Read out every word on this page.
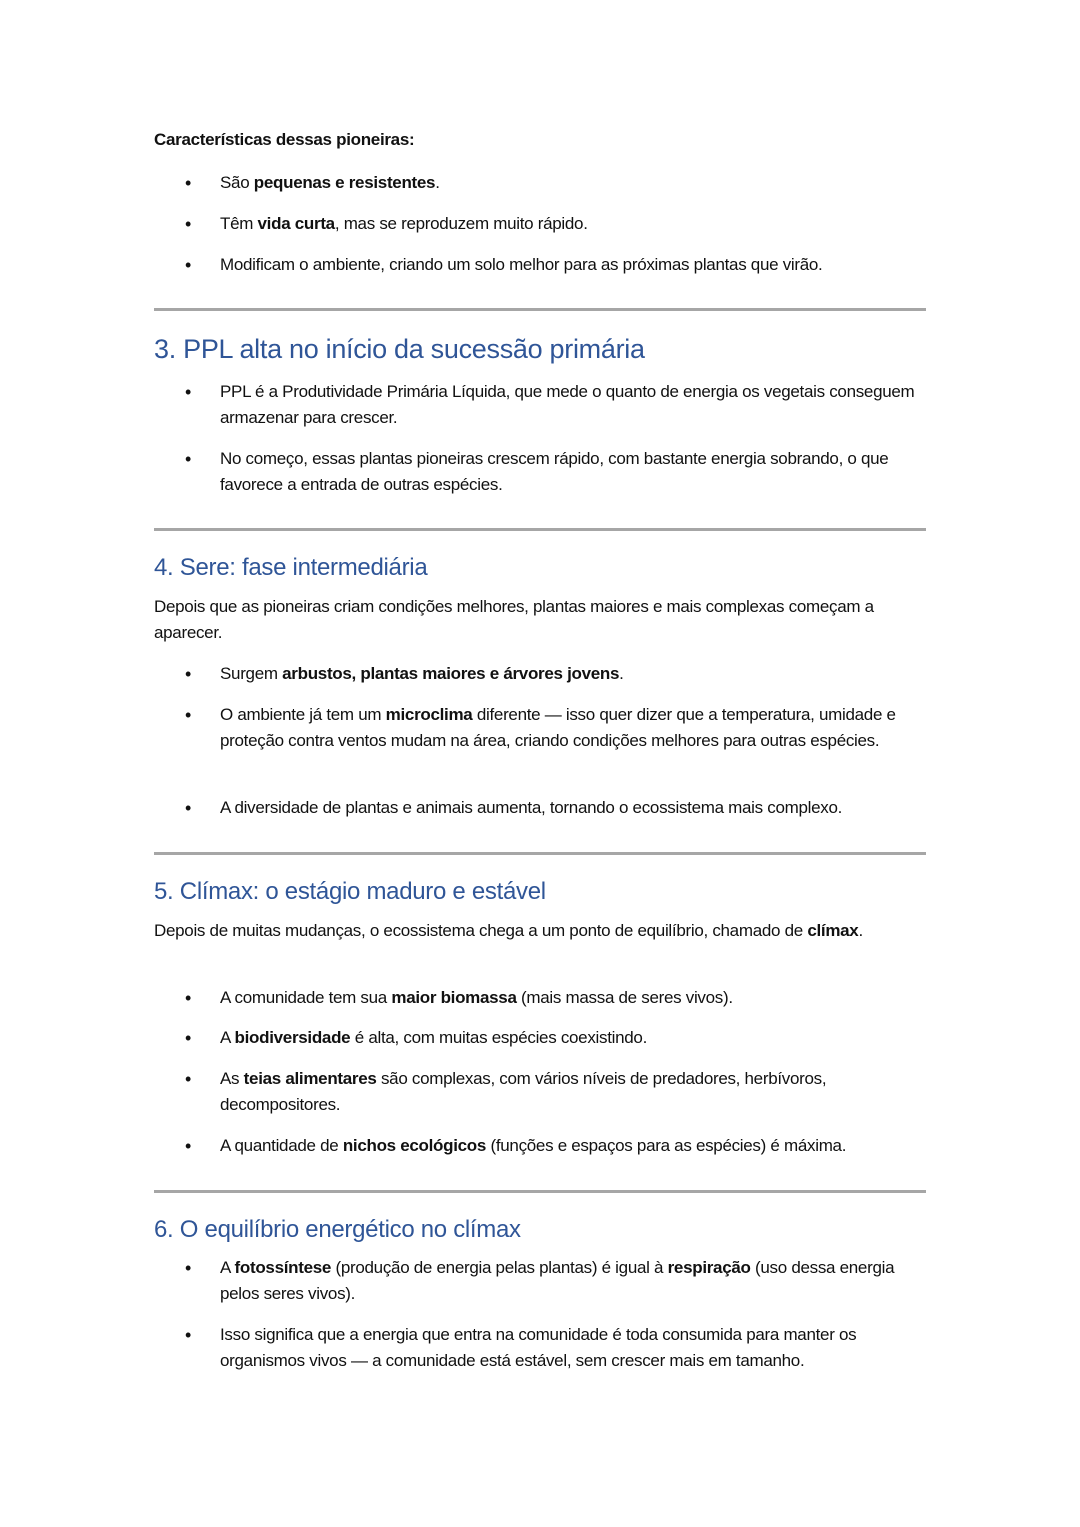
Características dessas pioneiras:
• São pequenas e resistentes.
• Têm vida curta, mas se reproduzem muito rápido.
• Modificam o ambiente, criando um solo melhor para as próximas plantas que virão.
3. PPL alta no início da sucessão primária
• PPL é a Produtividade Primária Líquida, que mede o quanto de energia os vegetais conseguem armazenar para crescer.
• No começo, essas plantas pioneiras crescem rápido, com bastante energia sobrando, o que favorece a entrada de outras espécies.
4. Sere: fase intermediária

Depois que as pioneiras criam condições melhores, plantas maiores e mais complexas começam a aparecer.

• Surgem arbustos, plantas maiores e árvores jovens.
• O ambiente já tem um microclima diferente — isso quer dizer que a temperatura, umidade e proteção contra ventos mudam na área, criando condições melhores para outras espécies.
• A diversidade de plantas e animais aumenta, tornando o ecossistema mais complexo.
5. Clímax: o estágio maduro e estável

Depois de muitas mudanças, o ecossistema chega a um ponto de equilíbrio, chamado de clímax.

• A comunidade tem sua maior biomassa (mais massa de seres vivos).
• A biodiversidade é alta, com muitas espécies coexistindo.
• As teias alimentares são complexas, com vários níveis de predadores, herbívoros, decompositores.
• A quantidade de nichos ecológicos (funções e espaços para as espécies) é máxima.
6. O equilíbrio energético no clímax
• A fotossíntese (produção de energia pelas plantas) é igual à respiração (uso dessa energia pelos seres vivos).
• Isso significa que a energia que entra na comunidade é toda consumida para manter os organismos vivos — a comunidade está estável, sem crescer mais em tamanho.
